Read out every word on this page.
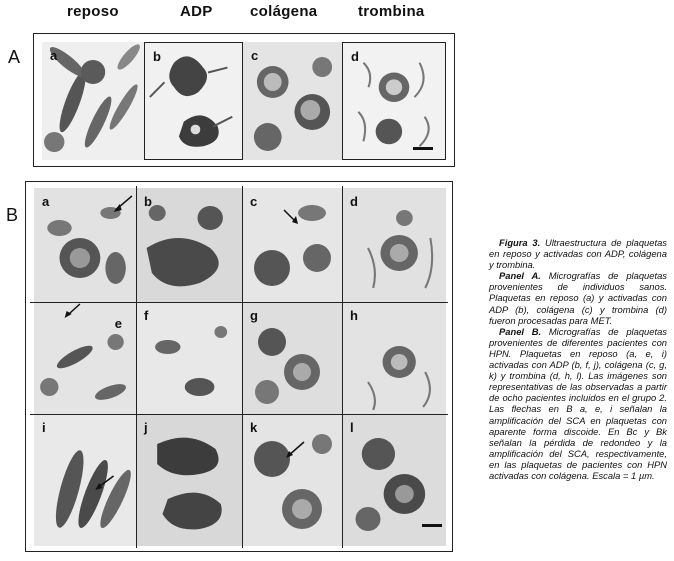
reposo	ADP colágena	trombina
A a	b	c	d
B
a	b	c	d
e
f	g	h
i	j	k	l

Figura 3. Ultraestructura de plaquetas en reposo y activadas con ADP, colágena y trombina.

Panel A. Micrografías de plaquetas provenientes de individuos sanos. Plaquetas en reposo (a) y activadas con ADP (b), colágena (c) y trombina (d) fueron procesadas para MET.

Panel B. Micrografías de plaquetas provenientes de diferentes pacientes con HPN. Plaquetas en reposo (a, e, i) activadas con ADP (b, f, j), colágena (c, g, k) y trombina (d, h, l). Las imágenes son representativas de las observadas a partir de ocho pacientes incluidos en el grupo 2. Las flechas en B a, e, i señalan la amplificación del SCA en plaquetas con aparente forma discoide. En Bc y Bk señalan la pérdida de redondeo y la amplificación del SCA, respectivamente, en las plaquetas de pacientes con HPN activadas con colágena. Escala = 1 µm.
